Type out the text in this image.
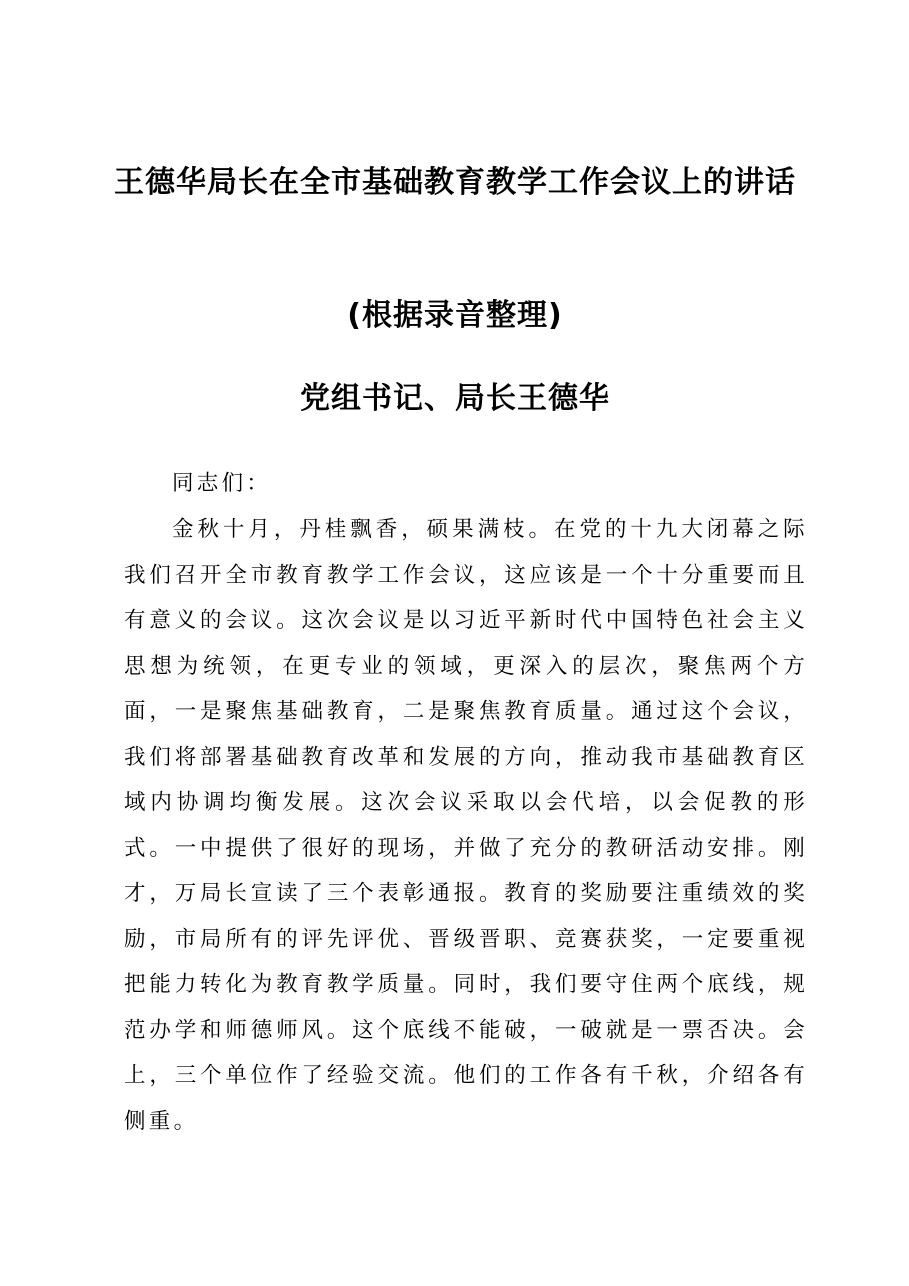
王德华局长在全市基础教育教学工作会议上的讲话
(根据录音整理)
党组书记、局长王德华

同志们：

金秋十月，丹桂飘香，硕果满枝。在党的十九大闭幕之际我们召开全市教育教学工作会议，这应该是一个十分重要而且有意义的会议。这次会议是以习近平新时代中国特色社会主义思想为统领，在更专业的领域，更深入的层次，聚焦两个方面，一是聚焦基础教育，二是聚焦教育质量。通过这个会议，我们将部署基础教育改革和发展的方向，推动我市基础教育区域内协调均衡发展。这次会议采取以会代培，以会促教的形式。一中提供了很好的现场，并做了充分的教研活动安排。刚才，万局长宣读了三个表彰通报。教育的奖励要注重绩效的奖励，市局所有的评先评优、晋级晋职、竞赛获奖，一定要重视把能力转化为教育教学质量。同时，我们要守住两个底线，规范办学和师德师风。这个底线不能破，一破就是一票否决。会上，三个单位作了经验交流。他们的工作各有千秋，介绍各有侧重。
